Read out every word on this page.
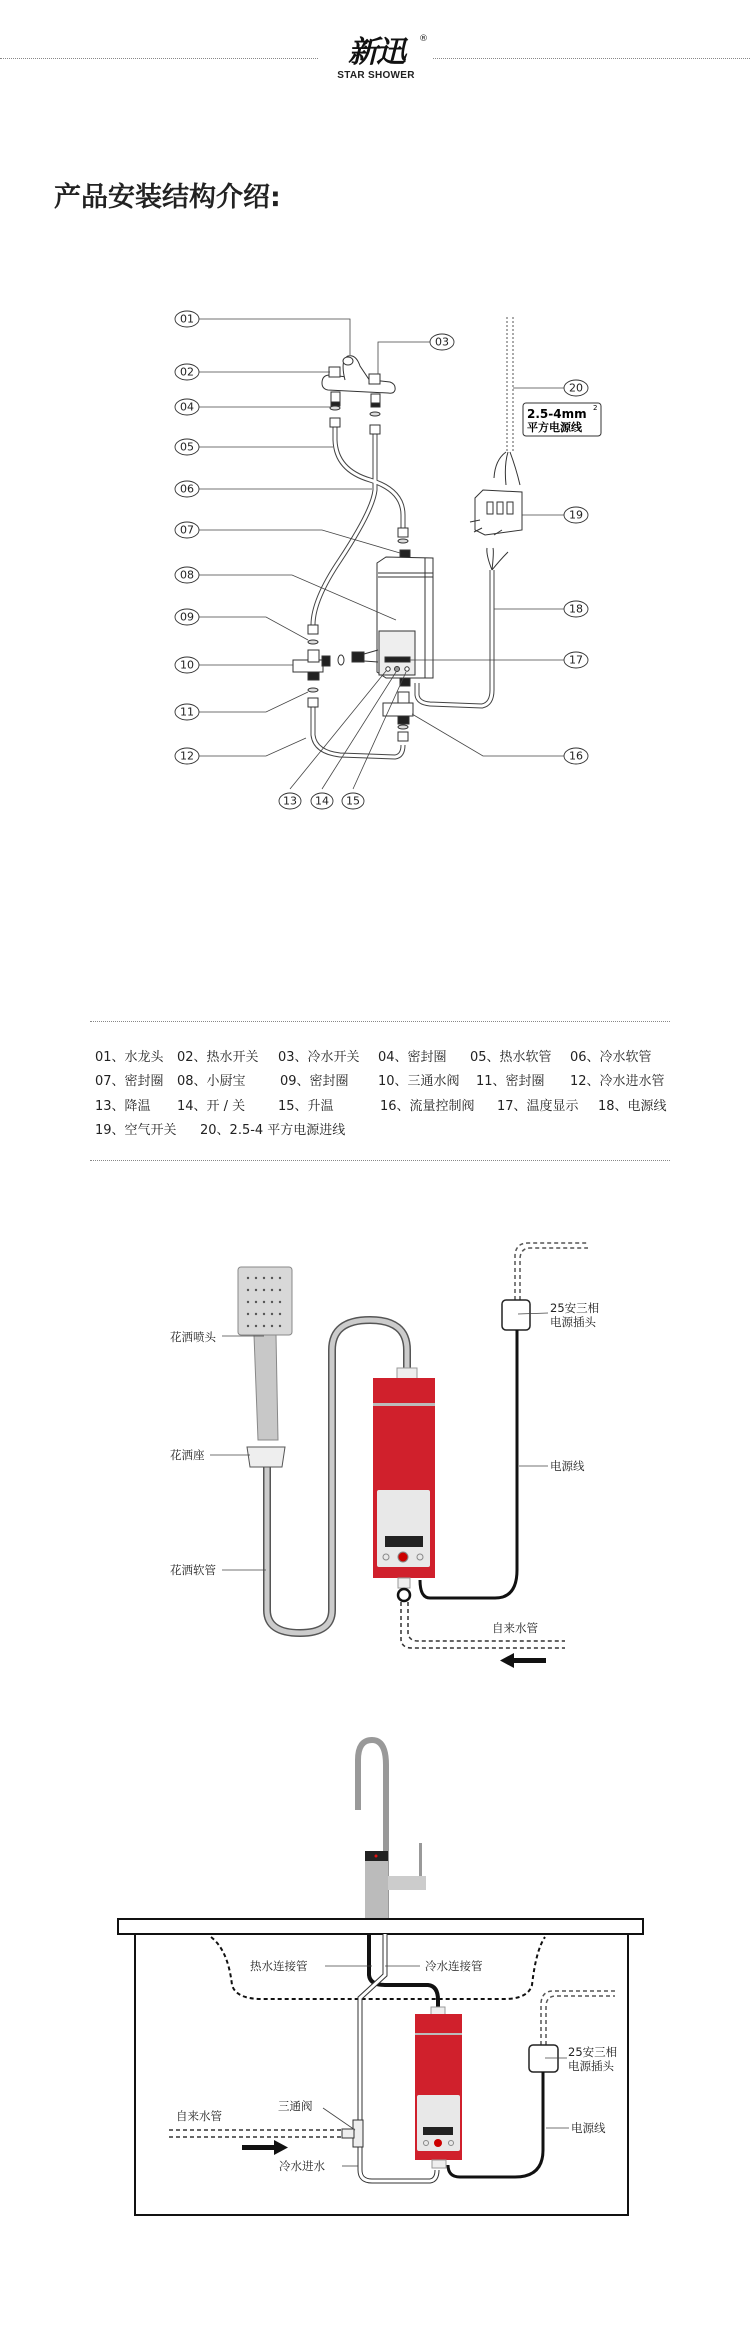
新迅
STAR SHOWER
®
产品安装结构介绍:
2.5-4mm 2
平方电源线
01
02
03
04
05
06
07
08
09
10
11
12
13 14 15
16
17
18
19
20
01、水龙头 02、热水开关 03、冷水开关 04、密封圈 05、热水软管 06、冷水软管
07、密封圈 08、小厨宝	09、密封圈 10、三通水阀 11、密封圈 12、冷水进水管
13、降温 14、开 / 关	15、升温	16、流量控制阀 17、温度显示 18、电源线
19、空气开关 20、2.5-4 平方电源进线
花洒喷头
花洒座
花洒软管
25安三相
电源插头
电源线
自来水管
热水连接管	冷水连接管
三通阀
自来水管
冷水进水
25安三相
电源插头
电源线
